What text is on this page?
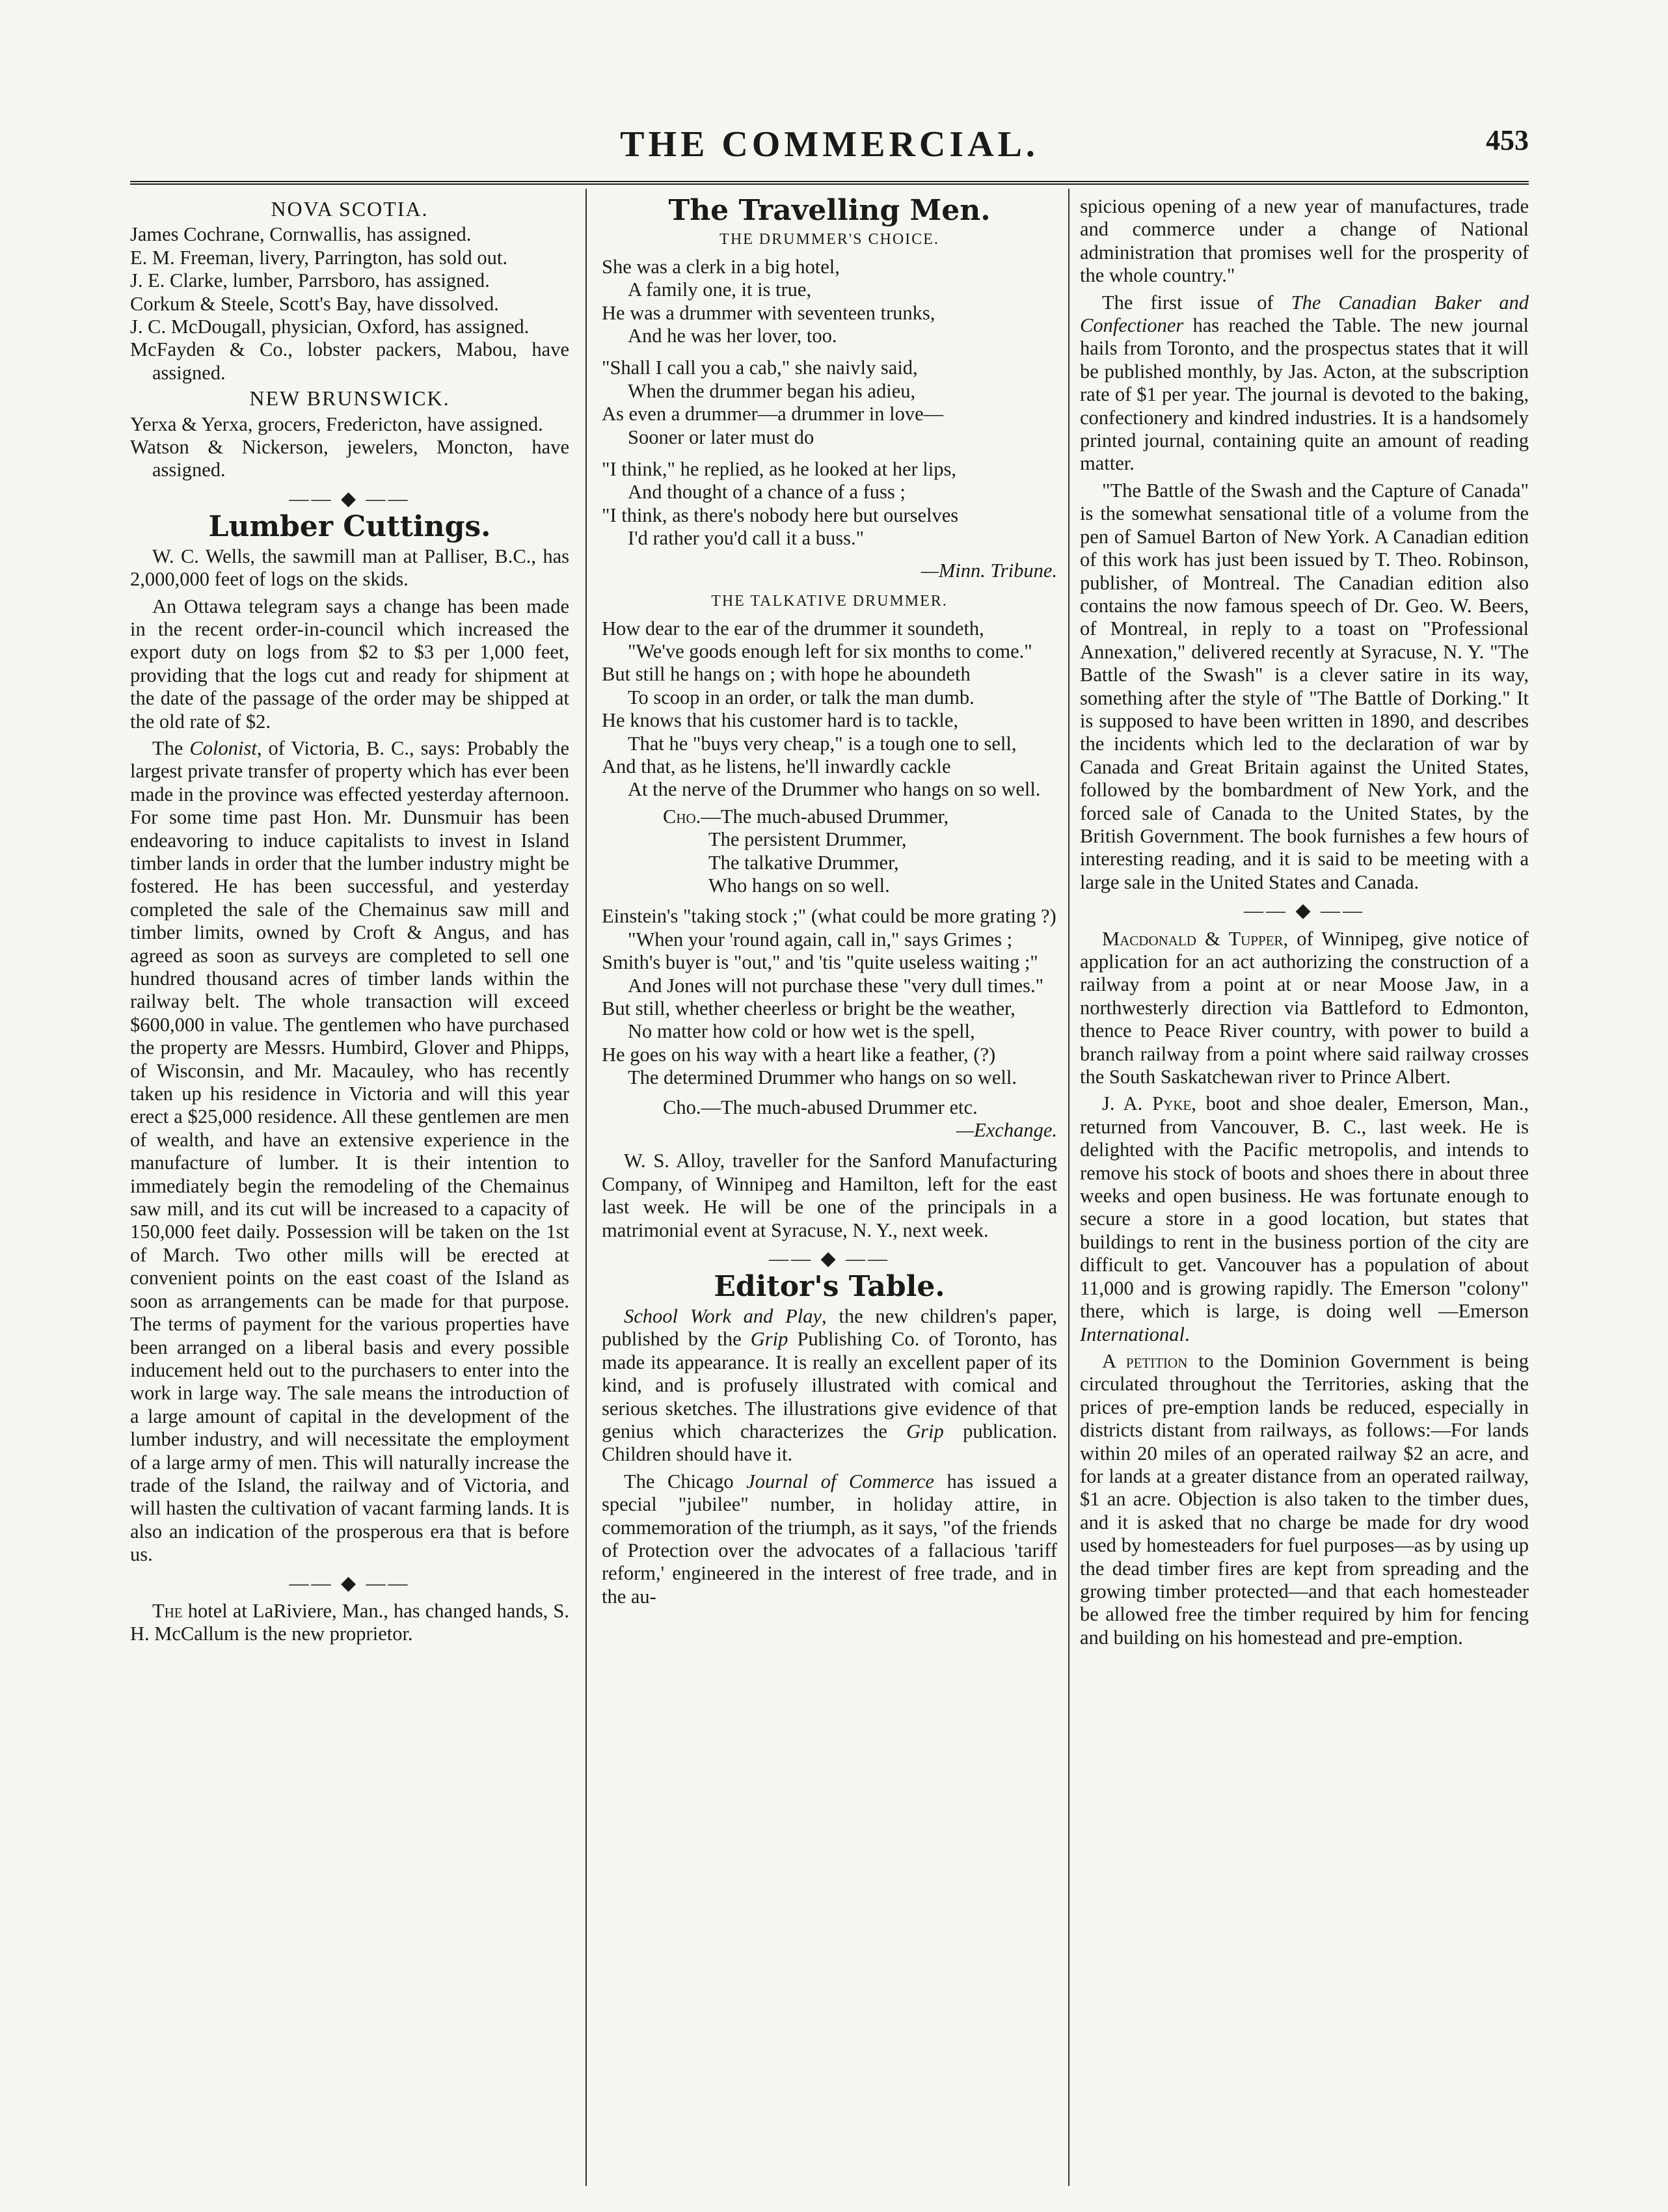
THE COMMERCIAL.	453
NOVA SCOTIA.

James Cochrane, Cornwallis, has assigned.

E. M. Freeman, livery, Parrington, has sold out.

J. E. Clarke, lumber, Parrsboro, has assigned.

Corkum & Steele, Scott's Bay, have dissolved.

J. C. McDougall, physician, Oxford, has assigned.

McFayden & Co., lobster packers, Mabou, have assigned.

NEW BRUNSWICK.

Yerxa & Yerxa, grocers, Fredericton, have assigned.

Watson & Nickerson, jewelers, Moncton, have assigned.

—— ◆ ——
Lumber Cuttings.

W. C. Wells, the sawmill man at Palliser, B.C., has 2,000,000 feet of logs on the skids.

An Ottawa telegram says a change has been made in the recent order-in-council which increased the export duty on logs from $2 to $3 per 1,000 feet, providing that the logs cut and ready for shipment at the date of the passage of the order may be shipped at the old rate of $2.

The Colonist, of Victoria, B. C., says: Probably the largest private transfer of property which has ever been made in the province was effected yesterday afternoon. For some time past Hon. Mr. Dunsmuir has been endeavoring to induce capitalists to invest in Island timber lands in order that the lumber industry might be fostered. He has been successful, and yesterday completed the sale of the Chemainus saw mill and timber limits, owned by Croft & Angus, and has agreed as soon as surveys are completed to sell one hundred thousand acres of timber lands within the railway belt. The whole transaction will exceed $600,000 in value. The gentlemen who have purchased the property are Messrs. Humbird, Glover and Phipps, of Wisconsin, and Mr. Macauley, who has recently taken up his residence in Victoria and will this year erect a $25,000 residence. All these gentlemen are men of wealth, and have an extensive experience in the manufacture of lumber. It is their intention to immediately begin the remodeling of the Chemainus saw mill, and its cut will be increased to a capacity of 150,000 feet daily. Possession will be taken on the 1st of March. Two other mills will be erected at convenient points on the east coast of the Island as soon as arrangements can be made for that purpose. The terms of payment for the various properties have been arranged on a liberal basis and every possible inducement held out to the purchasers to enter into the work in large way. The sale means the introduction of a large amount of capital in the development of the lumber industry, and will necessitate the employment of a large army of men. This will naturally increase the trade of the Island, the railway and of Victoria, and will hasten the cultivation of vacant farming lands. It is also an indication of the prosperous era that is before us.

—— ◆ ——

The hotel at LaRiviere, Man., has changed hands, S. H. McCallum is the new proprietor.

The Travelling Men.
THE DRUMMER'S CHOICE.

She was a clerk in a big hotel,

A family one, it is true,

He was a drummer with seventeen trunks,

And he was her lover, too.

"Shall I call you a cab," she naivly said,

When the drummer began his adieu,

As even a drummer—a drummer in love—

Sooner or later must do

"I think," he replied, as he looked at her lips,

And thought of a chance of a fuss ;

"I think, as there's nobody here but ourselves

I'd rather you'd call it a buss."

—Minn. Tribune.

THE TALKATIVE DRUMMER.

How dear to the ear of the drummer it soundeth,

"We've goods enough left for six months to come."

But still he hangs on ; with hope he aboundeth

To scoop in an order, or talk the man dumb.

He knows that his customer hard is to tackle,

That he "buys very cheap," is a tough one to sell,

And that, as he listens, he'll inwardly cackle

At the nerve of the Drummer who hangs on so well.

Cho.—The much-abused Drummer,

The persistent Drummer,

The talkative Drummer,

Who hangs on so well.

Einstein's "taking stock ;" (what could be more grating ?)

"When your 'round again, call in," says Grimes ;

Smith's buyer is "out," and 'tis "quite useless waiting ;"

And Jones will not purchase these "very dull times."

But still, whether cheerless or bright be the weather,

No matter how cold or how wet is the spell,

He goes on his way with a heart like a feather, (?)

The determined Drummer who hangs on so well.

Cho.—The much-abused Drummer etc.

—Exchange.

W. S. Alloy, traveller for the Sanford Manufacturing Company, of Winnipeg and Hamilton, left for the east last week. He will be one of the principals in a matrimonial event at Syracuse, N. Y., next week.

—— ◆ ——
Editor's Table.

School Work and Play, the new children's paper, published by the Grip Publishing Co. of Toronto, has made its appearance. It is really an excellent paper of its kind, and is profusely illustrated with comical and serious sketches. The illustrations give evidence of that genius which characterizes the Grip publication. Children should have it.

The Chicago Journal of Commerce has issued a special "jubilee" number, in holiday attire, in commemoration of the triumph, as it says, "of the friends of Protection over the advocates of a fallacious 'tariff reform,' engineered in the interest of free trade, and in the au-

spicious opening of a new year of manufactures, trade and commerce under a change of National administration that promises well for the prosperity of the whole country."

The first issue of The Canadian Baker and Confectioner has reached the Table. The new journal hails from Toronto, and the prospectus states that it will be published monthly, by Jas. Acton, at the subscription rate of $1 per year. The journal is devoted to the baking, confectionery and kindred industries. It is a handsomely printed journal, containing quite an amount of reading matter.

"The Battle of the Swash and the Capture of Canada" is the somewhat sensational title of a volume from the pen of Samuel Barton of New York. A Canadian edition of this work has just been issued by T. Theo. Robinson, publisher, of Montreal. The Canadian edition also contains the now famous speech of Dr. Geo. W. Beers, of Montreal, in reply to a toast on "Professional Annexation," delivered recently at Syracuse, N. Y. "The Battle of the Swash" is a clever satire in its way, something after the style of "The Battle of Dorking." It is supposed to have been written in 1890, and describes the incidents which led to the declaration of war by Canada and Great Britain against the United States, followed by the bombardment of New York, and the forced sale of Canada to the United States, by the British Government. The book furnishes a few hours of interesting reading, and it is said to be meeting with a large sale in the United States and Canada.

—— ◆ ——

Macdonald & Tupper, of Winnipeg, give notice of application for an act authorizing the construction of a railway from a point at or near Moose Jaw, in a northwesterly direction via Battleford to Edmonton, thence to Peace River country, with power to build a branch railway from a point where said railway crosses the South Saskatchewan river to Prince Albert.

J. A. Pyke, boot and shoe dealer, Emerson, Man., returned from Vancouver, B. C., last week. He is delighted with the Pacific metropolis, and intends to remove his stock of boots and shoes there in about three weeks and open business. He was fortunate enough to secure a store in a good location, but states that buildings to rent in the business portion of the city are difficult to get. Vancouver has a population of about 11,000 and is growing rapidly. The Emerson "colony" there, which is large, is doing well —Emerson International.

A petition to the Dominion Government is being circulated throughout the Territories, asking that the prices of pre-emption lands be reduced, especially in districts distant from railways, as follows:—For lands within 20 miles of an operated railway $2 an acre, and for lands at a greater distance from an operated railway, $1 an acre. Objection is also taken to the timber dues, and it is asked that no charge be made for dry wood used by homesteaders for fuel purposes—as by using up the dead timber fires are kept from spreading and the growing timber protected—and that each homesteader be allowed free the timber required by him for fencing and building on his homestead and pre-emption.
